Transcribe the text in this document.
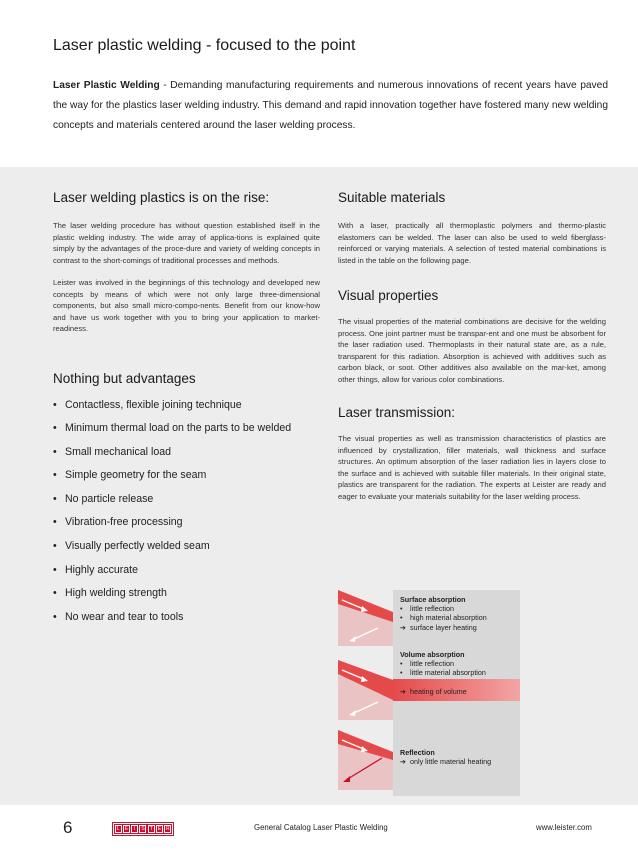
Laser plastic welding - focused to the point

Laser Plastic Welding - Demanding manufacturing requirements and numerous innovations of recent years have paved the way for the plastics laser welding industry. This demand and rapid innovation together have fostered many new welding concepts and materials centered around the laser welding process.

Laser welding plastics is on the rise:

The laser welding procedure has without question established itself in the plastic welding industry. The wide array of applica-tions is explained quite simply by the advantages of the proce-dure and variety of welding concepts in contrast to the short-comings of traditional processes and methods.

Leister was involved in the beginnings of this technology and developed new concepts by means of which were not only large three-dimensional components, but also small micro-compo-nents. Benefit from our know-how and have us work together with you to bring your application to market-readiness.

Nothing but advantages
• Contactless, flexible joining technique
• Minimum thermal load on the parts to be welded
• Small mechanical load
• Simple geometry for the seam
• No particle release
• Vibration-free processing
• Visually perfectly welded seam
• Highly accurate
• High welding strength
• No wear and tear to tools
Suitable materials

With a laser, practically all thermoplastic polymers and thermo-plastic elastomers can be welded. The laser can also be used to weld fiberglass-reinforced or varying materials. A selection of tested material combinations is listed in the table on the following page.

Visual properties

The visual properties of the material combinations are decisive for the welding process. One joint partner must be transpar-ent and one must be absorbent for the laser radiation used. Thermoplasts in their natural state are, as a rule, transparent for this radiation. Absorption is achieved with additives such as carbon black, or soot. Other additives also available on the mar-ket, among other things, allow for various color combinations.

Laser transmission:

The visual properties as well as transmission characteristics of plastics are influenced by crystallization, filler materials, wall thickness and surface structures. An optimum absorption of the laser radiation lies in layers close to the surface and is achieved with suitable filler materials. In their original state, plastics are transparent for the radiation. The experts at Leister are ready and eager to evaluate your materials suitability for the laser welding process.

Surface absorption
• little reflection
• high material absorption
➔ surface layer heating
Volume absorption
• little reflection
• little material absorption
➔ heating of volume
Reflection
➔ only little material heating
6	L	E	I	S	T	E R	General Catalog Laser Plastic Welding	www.leister.com
